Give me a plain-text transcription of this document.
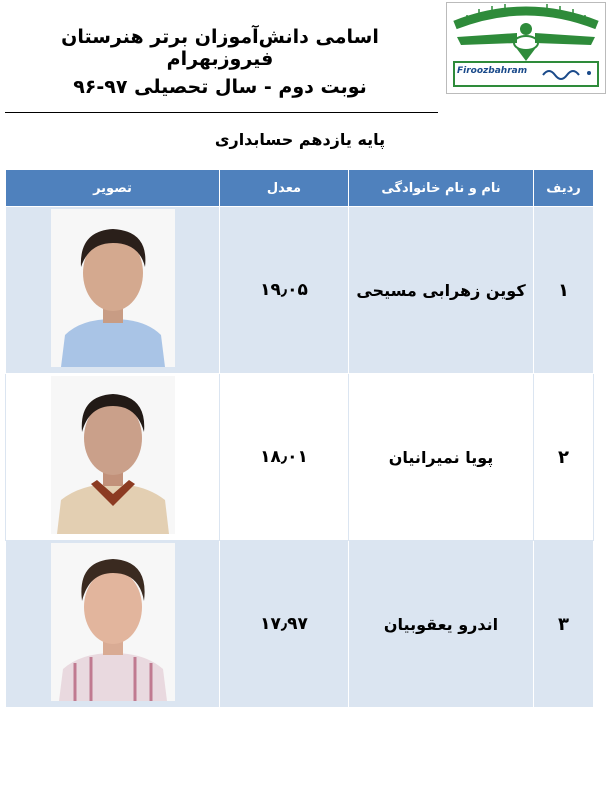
Firoozbahram
اسامی دانش‌آموزان برتر هنرستان فیروزبهرام
نوبت دوم - سال تحصیلی ۹۷-۹۶
پایه یازدهم حسابداری
تصویر	معدل	نام و نام خانوادگی	ردیف

	۱۹٫۰۵	کوین زهرابی مسیحی	۱

	۱۸٫۰۱	پویا نمیرانیان	۲

	۱۷٫۹۷	اندرو یعقوبیان	۳
